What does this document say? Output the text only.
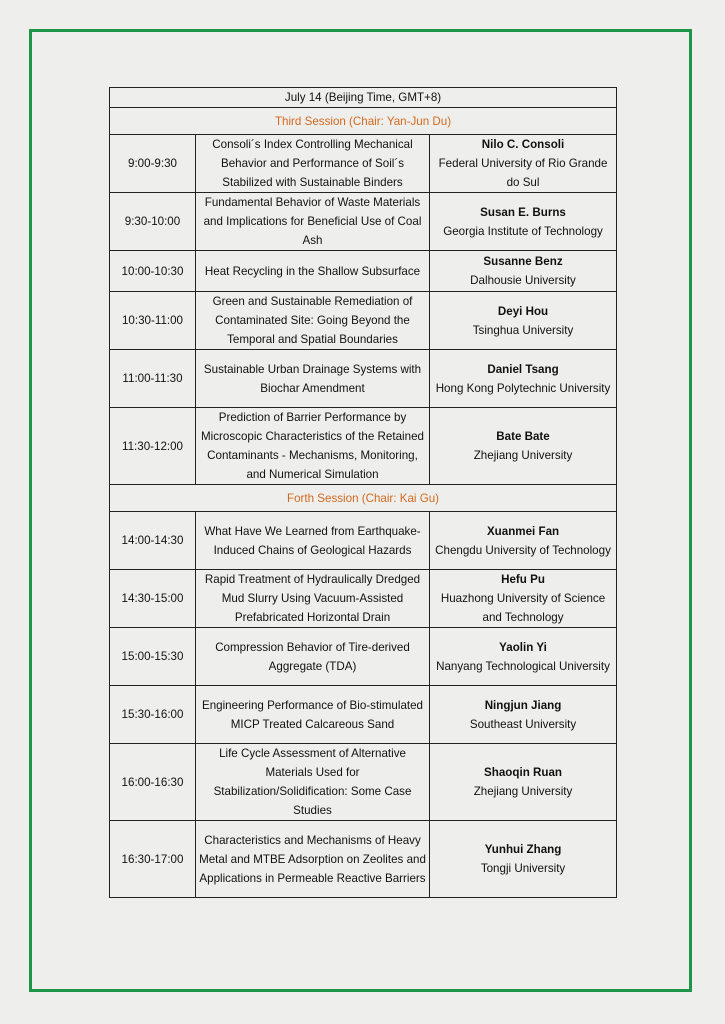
July 14 (Beijing Time, GMT+8)		
Third Session (Chair: Yan-Jun Du)		
9:00-9:30	Consoli´s Index Controlling Mechanical Behavior and Performance of Soil´s Stabilized with Sustainable Binders	Nilo C. Consoli
Federal University of Rio Grande do Sul

9:30-10:00	Fundamental Behavior of Waste Materials and Implications for Beneficial Use of Coal Ash	Susan E. Burns
Georgia Institute of Technology

10:00-10:30	Heat Recycling in the Shallow Subsurface	Susanne Benz
Dalhousie University

10:30-11:00	Green and Sustainable Remediation of Contaminated Site: Going Beyond the Temporal and Spatial Boundaries	Deyi Hou
Tsinghua University

11:00-11:30	Sustainable Urban Drainage Systems with Biochar Amendment	Daniel Tsang
Hong Kong Polytechnic University

11:30-12:00	Prediction of Barrier Performance by Microscopic Characteristics of the Retained Contaminants - Mechanisms, Monitoring, and Numerical Simulation	Bate Bate
Zhejiang University

Forth Session (Chair: Kai Gu)		
14:00-14:30	What Have We Learned from Earthquake-Induced Chains of Geological Hazards	Xuanmei Fan
Chengdu University of Technology

14:30-15:00	Rapid Treatment of Hydraulically Dredged Mud Slurry Using Vacuum-Assisted Prefabricated Horizontal Drain	Hefu Pu
Huazhong University of Science and Technology

15:00-15:30	Compression Behavior of Tire-derived Aggregate (TDA)	Yaolin Yi
Nanyang Technological University

15:30-16:00	Engineering Performance of Bio-stimulated MICP Treated Calcareous Sand	Ningjun Jiang
Southeast University

16:00-16:30	Life Cycle Assessment of Alternative Materials Used for Stabilization/Solidification: Some Case Studies	Shaoqin Ruan
Zhejiang University

16:30-17:00	Characteristics and Mechanisms of Heavy Metal and MTBE Adsorption on Zeolites and Applications in Permeable Reactive Barriers	Yunhui Zhang
Tongji University
